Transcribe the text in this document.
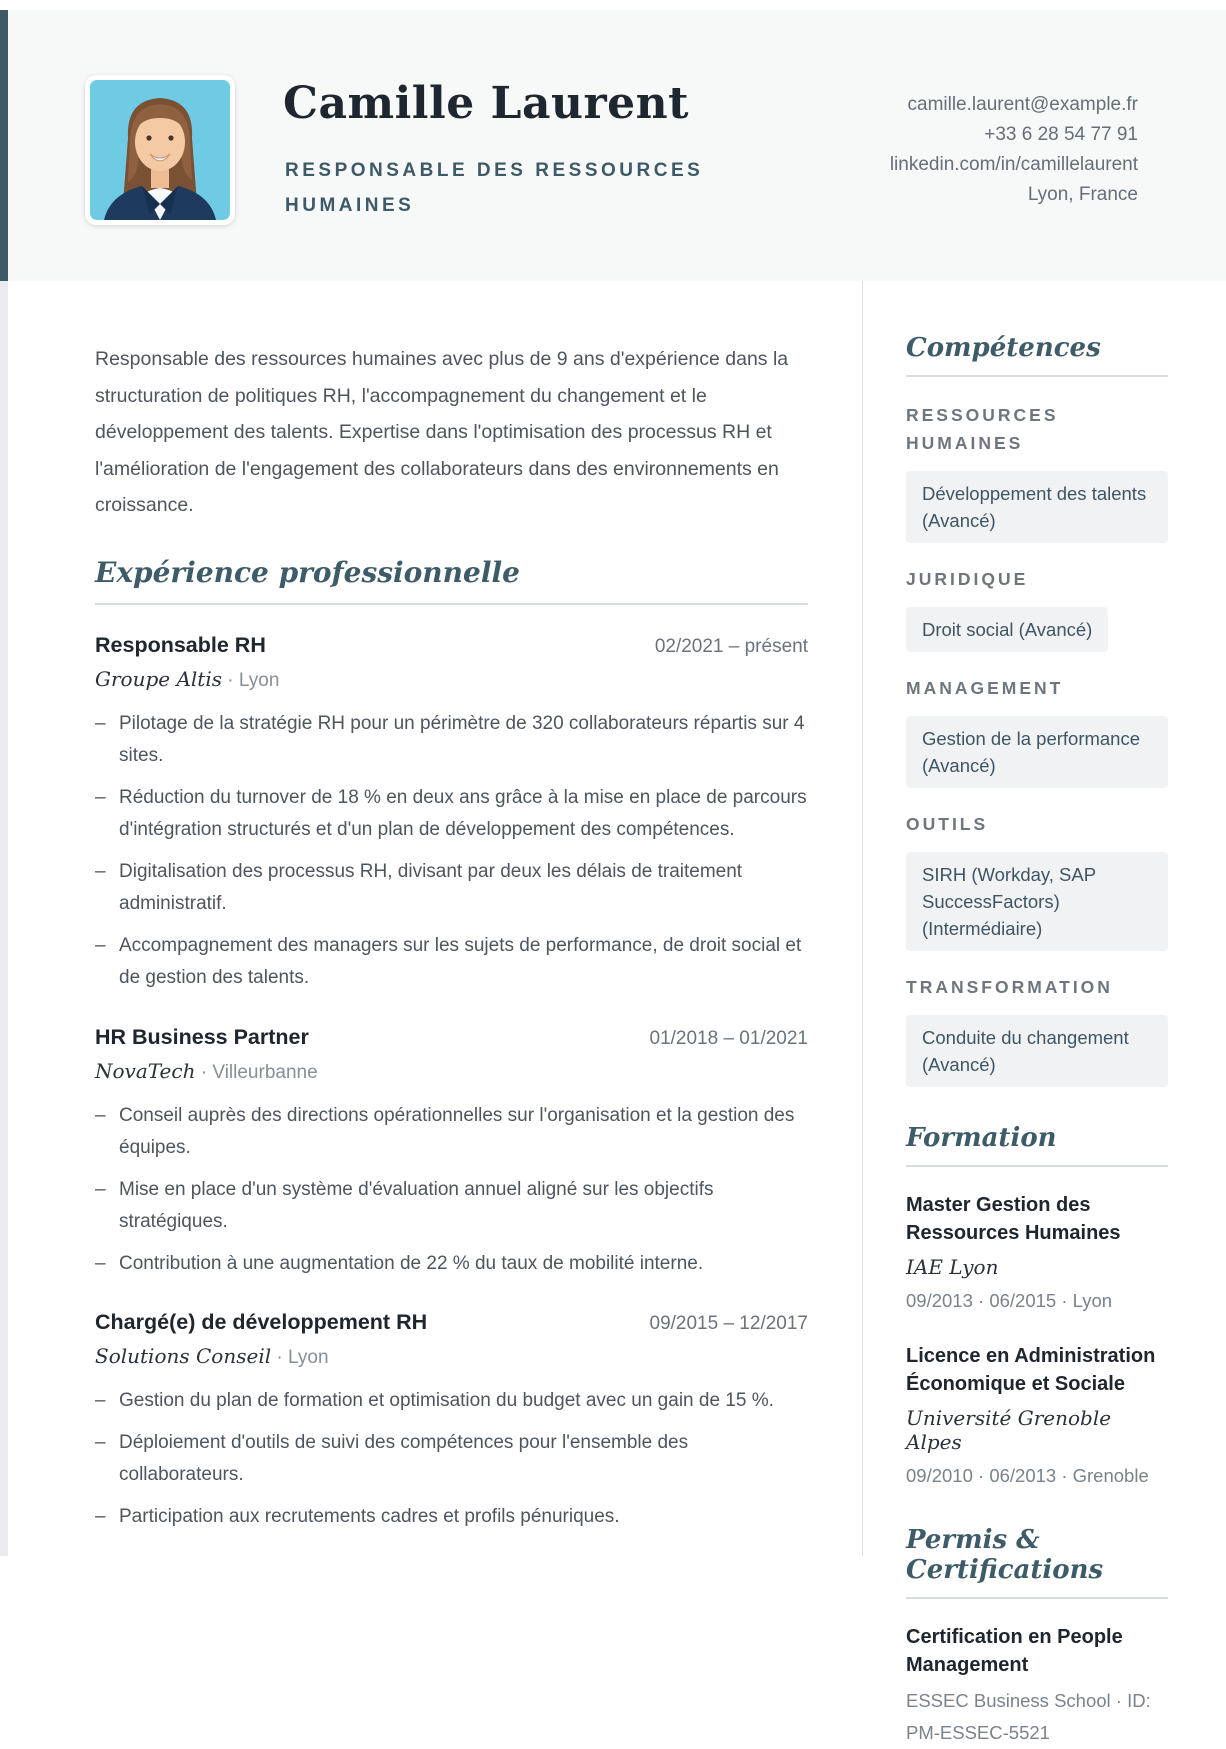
Camille Laurent
RESPONSABLE DES RESSOURCES HUMAINES
camille.laurent@example.fr
+33 6 28 54 77 91
linkedin.com/in/camillelaurent
Lyon, France

Responsable des ressources humaines avec plus de 9 ans d'expérience dans la structuration de politiques RH, l'accompagnement du changement et le développement des talents. Expertise dans l'optimisation des processus RH et l'amélioration de l'engagement des collaborateurs dans des environnements en croissance.

Expérience professionnelle
Responsable RH	02/2021 – présent
Groupe Altis · Lyon
– Pilotage de la stratégie RH pour un périmètre de 320 collaborateurs répartis sur 4 sites.
– Réduction du turnover de 18 % en deux ans grâce à la mise en place de parcours d'intégration structurés et d'un plan de développement des compétences.
– Digitalisation des processus RH, divisant par deux les délais de traitement administratif.
– Accompagnement des managers sur les sujets de performance, de droit social et de gestion des talents.
HR Business Partner	01/2018 – 01/2021
NovaTech · Villeurbanne
– Conseil auprès des directions opérationnelles sur l'organisation et la gestion des équipes.
– Mise en place d'un système d'évaluation annuel aligné sur les objectifs stratégiques.
– Contribution à une augmentation de 22 % du taux de mobilité interne.
Chargé(e) de développement RH	09/2015 – 12/2017
Solutions Conseil · Lyon
– Gestion du plan de formation et optimisation du budget avec un gain de 15 %.
– Déploiement d'outils de suivi des compétences pour l'ensemble des collaborateurs.
– Participation aux recrutements cadres et profils pénuriques.
Compétences
RESSOURCES HUMAINES
Développement des talents (Avancé)
JURIDIQUE
Droit social (Avancé)
MANAGEMENT
Gestion de la performance (Avancé)
OUTILS
SIRH (Workday, SAP SuccessFactors) (Intermédiaire)
TRANSFORMATION
Conduite du changement (Avancé)
Formation
Master Gestion des Ressources Humaines
IAE Lyon
09/2013 · 06/2015 · Lyon
Licence en Administration Économique et Sociale
Université Grenoble Alpes
09/2010 · 06/2013 · Grenoble
Permis & Certifications
Certification en People Management
ESSEC Business School · ID: PM-ESSEC-5521
